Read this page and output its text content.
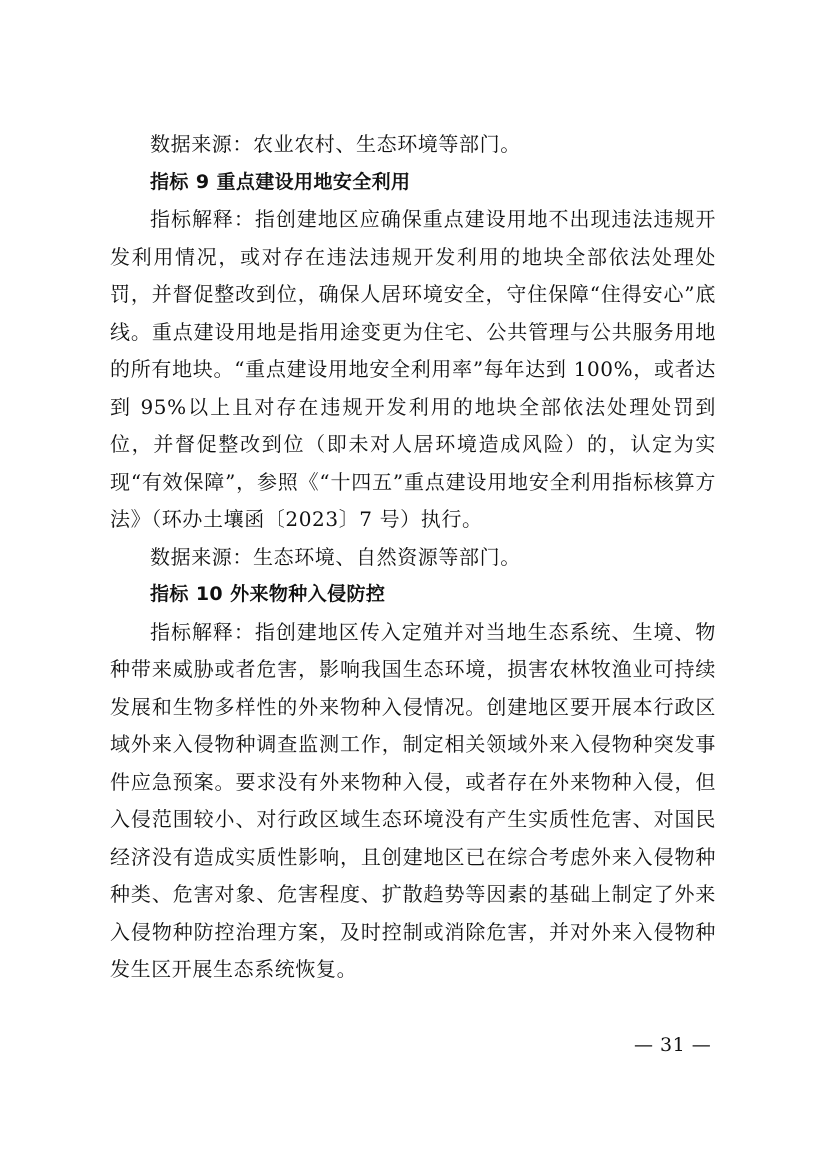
数据来源：农业农村、生态环境等部门。

指标 9 重点建设用地安全利用

指标解释：指创建地区应确保重点建设用地不出现违法违规开发利用情况，或对存在违法违规开发利用的地块全部依法处理处罚，并督促整改到位，确保人居环境安全，守住保障“住得安心”底线。重点建设用地是指用途变更为住宅、公共管理与公共服务用地的所有地块。“重点建设用地安全利用率”每年达到 100%，或者达到 95%以上且对存在违规开发利用的地块全部依法处理处罚到位，并督促整改到位（即未对人居环境造成风险）的，认定为实现“有效保障”，参照《“十四五”重点建设用地安全利用指标核算方法》（环办土壤函〔2023〕7 号）执行。

数据来源：生态环境、自然资源等部门。

指标 10 外来物种入侵防控

指标解释：指创建地区传入定殖并对当地生态系统、生境、物种带来威胁或者危害，影响我国生态环境，损害农林牧渔业可持续发展和生物多样性的外来物种入侵情况。创建地区要开展本行政区域外来入侵物种调查监测工作，制定相关领域外来入侵物种突发事件应急预案。要求没有外来物种入侵，或者存在外来物种入侵，但入侵范围较小、对行政区域生态环境没有产生实质性危害、对国民经济没有造成实质性影响，且创建地区已在综合考虑外来入侵物种种类、危害对象、危害程度、扩散趋势等因素的基础上制定了外来入侵物种防控治理方案，及时控制或消除危害，并对外来入侵物种发生区开展生态系统恢复。

— 31 —
